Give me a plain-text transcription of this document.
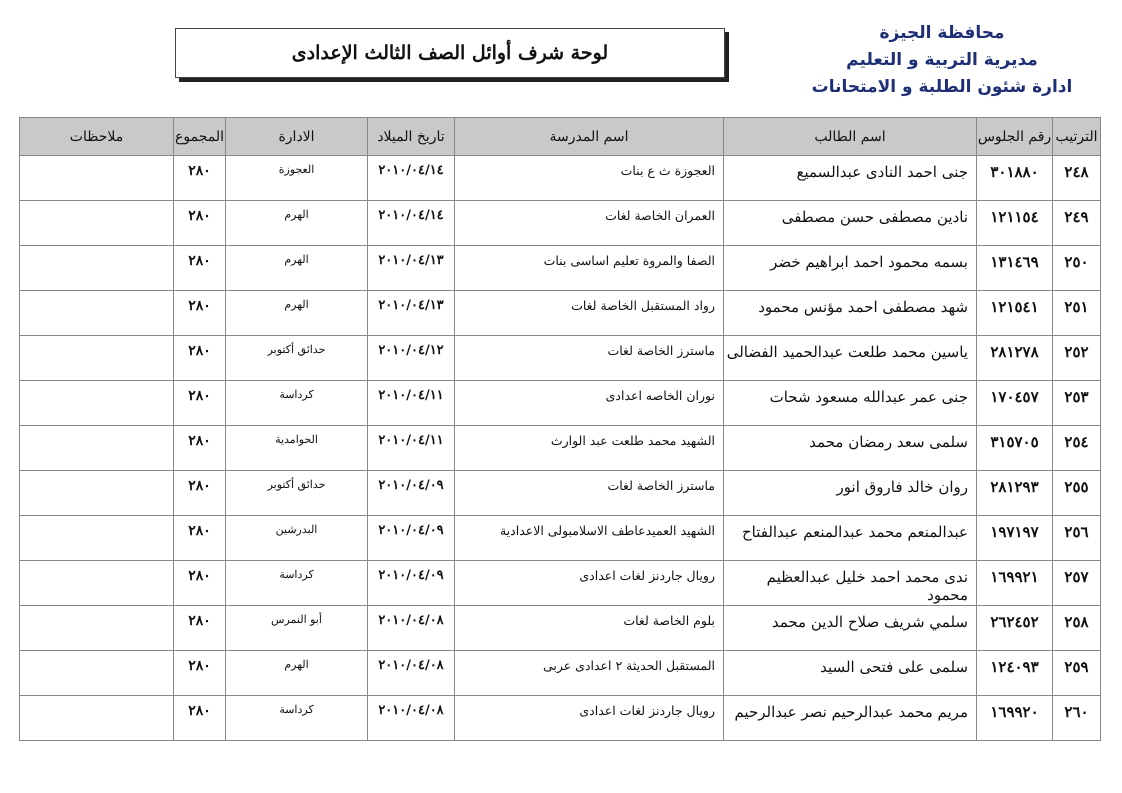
محافظة الجيزة
مديرية التربية و التعليم
ادارة شئون الطلبة و الامتحانات
لوحة شرف أوائل الصف الثالث الإعدادى
الترتيب	رقم الجلوس	اسم الطالب	اسم المدرسة	تاريخ الميلاد	الادارة	المجموع	ملاحظات
٢٤٨	٣٠١٨٨٠	جنى احمد النادى عبدالسميع	العجوزة ث ع بنات	٢٠١٠/٠٤/١٤	العجوزة	٢٨٠	
٢٤٩	١٢١١٥٤	نادين مصطفى حسن مصطفى	العمران الخاصة لغات	٢٠١٠/٠٤/١٤	الهرم	٢٨٠	
٢٥٠	١٣١٤٦٩	بسمه محمود احمد ابراهيم خضر	الصفا والمروة تعليم اساسى بنات	٢٠١٠/٠٤/١٣	الهرم	٢٨٠	
٢٥١	١٢١٥٤١	شهد مصطفى احمد مؤنس محمود	رواد المستقبل الخاصة لغات	٢٠١٠/٠٤/١٣	الهرم	٢٨٠	
٢٥٢	٢٨١٢٧٨	ياسين محمد طلعت عبدالحميد الفضالى	ماسترز الخاصة لغات	٢٠١٠/٠٤/١٢	حدائق أكتوبر	٢٨٠	
٢٥٣	١٧٠٤٥٧	جنى عمر عبدالله مسعود شحات	نوران الخاصه اعدادى	٢٠١٠/٠٤/١١	كرداسة	٢٨٠	
٢٥٤	٣١٥٧٠٥	سلمى سعد رمضان محمد	الشهيد محمد طلعت عبد الوارث	٢٠١٠/٠٤/١١	الحوامدية	٢٨٠	
٢٥٥	٢٨١٢٩٣	روان خالد فاروق انور	ماسترز الخاصة لغات	٢٠١٠/٠٤/٠٩	حدائق أكتوبر	٢٨٠	
٢٥٦	١٩٧١٩٧	عبدالمنعم محمد عبدالمنعم عبدالفتاح	الشهيد العميدعاطف الاسلامبولى الاعدادية	٢٠١٠/٠٤/٠٩	البدرشين	٢٨٠	
٢٥٧	١٦٩٩٢١	ندى محمد احمد خليل عبدالعظيم محمود	رويال جاردنز لغات اعدادى	٢٠١٠/٠٤/٠٩	كرداسة	٢٨٠	
٢٥٨	٢٦٢٤٥٢	سلمي شريف صلاح الدين محمد	بلوم الخاصة لغات	٢٠١٠/٠٤/٠٨	أبو النمرس	٢٨٠	
٢٥٩	١٢٤٠٩٣	سلمى على فتحى السيد	المستقبل الحديثة ٢ اعدادى عربى	٢٠١٠/٠٤/٠٨	الهرم	٢٨٠	
٢٦٠	١٦٩٩٢٠	مريم محمد عبدالرحيم نصر عبدالرحيم	رويال جاردنز لغات اعدادى	٢٠١٠/٠٤/٠٨	كرداسة	٢٨٠	
